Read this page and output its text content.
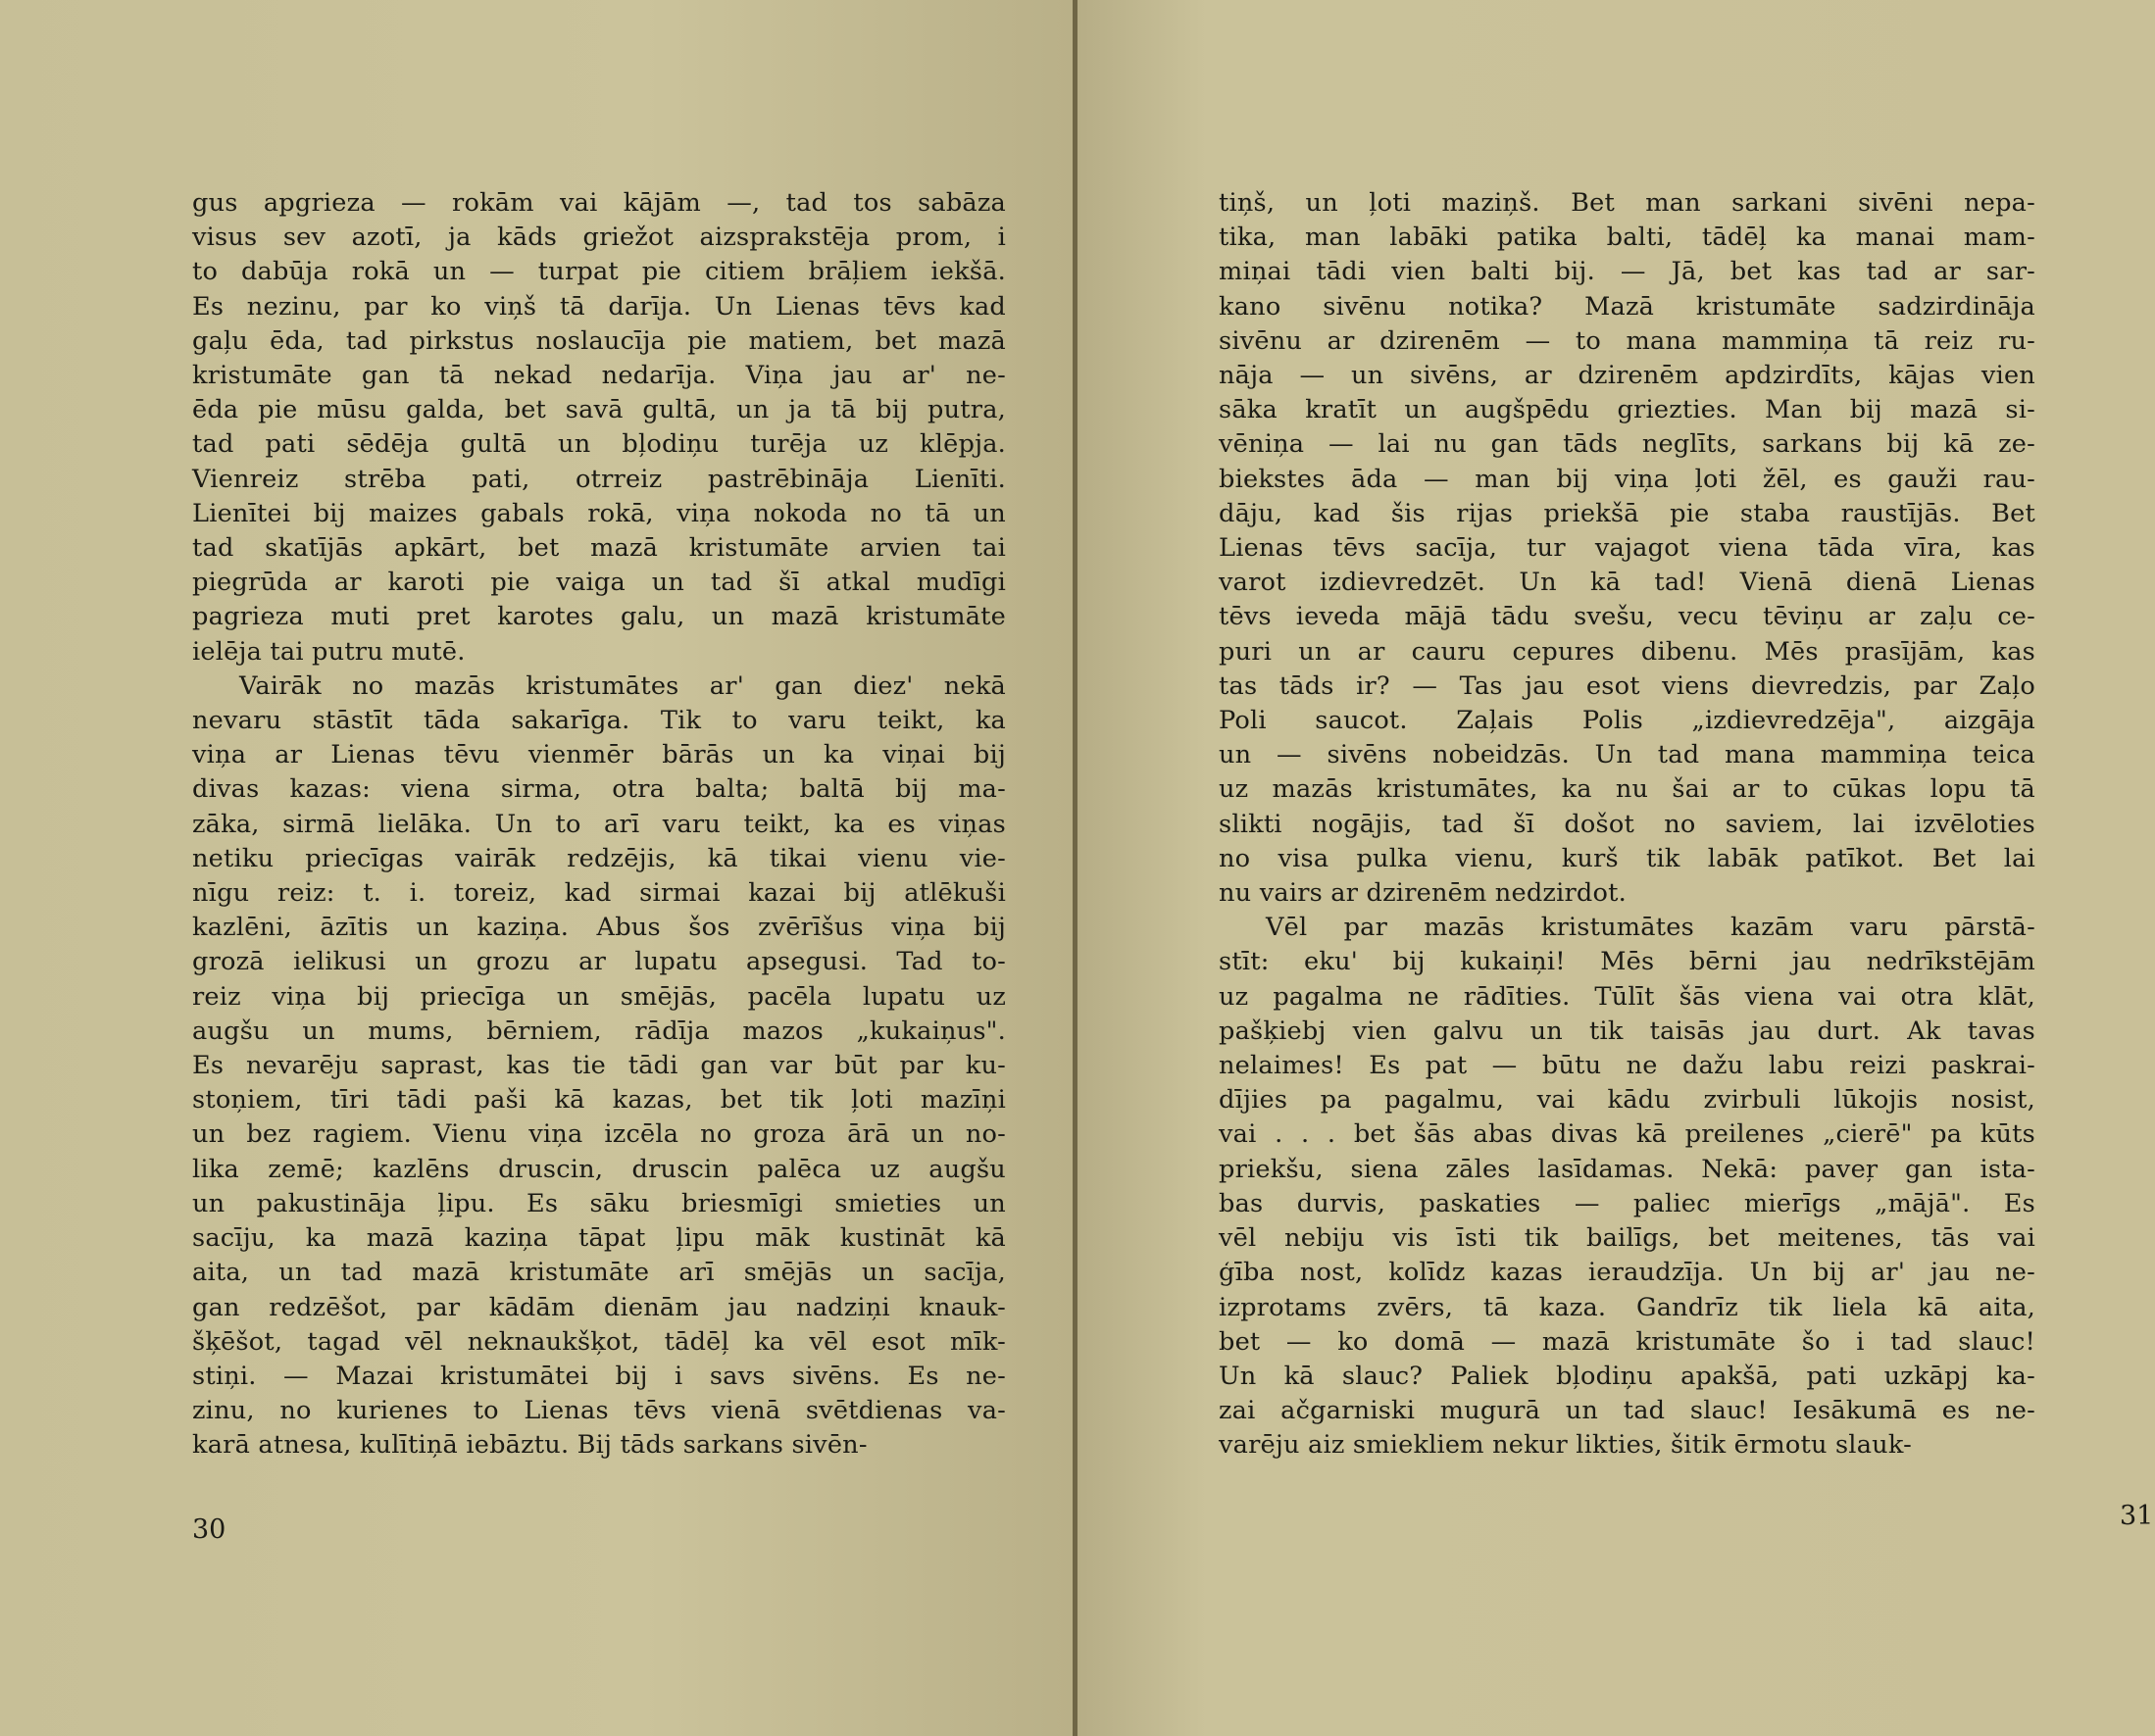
gus apgrieza — rokām vai kājām —, tad tos sabāza
visus sev azotī, ja kāds griežot aizsprakstēja prom, i
to dabūja rokā un — turpat pie citiem brāļiem iekšā.
Es nezinu, par ko viņš tā darīja. Un Lienas tēvs kad
gaļu ēda, tad pirkstus noslaucīja pie matiem, bet mazā
kristumāte gan tā nekad nedarīja. Viņa jau ar' ne-
ēda pie mūsu galda, bet savā gultā, un ja tā bij putra,
tad pati sēdēja gultā un bļodiņu turēja uz klēpja.
Vienreiz strēba pati, otrreiz pastrēbināja Lienīti.
Lienītei bij maizes gabals rokā, viņa nokoda no tā un
tad skatījās apkārt, bet mazā kristumāte arvien tai
piegrūda ar karoti pie vaiga un tad šī atkal mudīgi
pagrieza muti pret karotes galu, un mazā kristumāte
ielēja tai putru mutē.
Vairāk no mazās kristumātes ar' gan diez' nekā
nevaru stāstīt tāda sakarīga. Tik to varu teikt, ka
viņa ar Lienas tēvu vienmēr bārās un ka viņai bij
divas kazas: viena sirma, otra balta; baltā bij ma-
zāka, sirmā lielāka. Un to arī varu teikt, ka es viņas
netiku priecīgas vairāk redzējis, kā tikai vienu vie-
nīgu reiz: t. i. toreiz, kad sirmai kazai bij atlēkuši
kazlēni, āzītis un kaziņa. Abus šos zvērīšus viņa bij
grozā ielikusi un grozu ar lupatu apsegusi. Tad to-
reiz viņa bij priecīga un smējās, pacēla lupatu uz
augšu un mums, bērniem, rādīja mazos „kukaiņus".
Es nevarēju saprast, kas tie tādi gan var būt par ku-
stoņiem, tīri tādi paši kā kazas, bet tik ļoti mazīņi
un bez ragiem. Vienu viņa izcēla no groza ārā un no-
lika zemē; kazlēns druscin, druscin palēca uz augšu
un pakustināja ļipu. Es sāku briesmīgi smieties un
sacīju, ka mazā kaziņa tāpat ļipu māk kustināt kā
aita, un tad mazā kristumāte arī smējās un sacīja,
gan redzēšot, par kādām dienām jau nadziņi knauk-
šķēšot, tagad vēl neknaukšķot, tādēļ ka vēl esot mīk-
stiņi. — Mazai kristumātei bij i savs sivēns. Es ne-
zinu, no kurienes to Lienas tēvs vienā svētdienas va-
karā atnesa, kulītiņā iebāztu. Bij tāds sarkans sivēn-
30
tiņš, un ļoti maziņš. Bet man sarkani sivēni nepa-
tika, man labāki patika balti, tādēļ ka manai mam-
miņai tādi vien balti bij. — Jā, bet kas tad ar sar-
kano sivēnu notika? Mazā kristumāte sadzirdināja
sivēnu ar dzirenēm — to mana mammiņa tā reiz ru-
nāja — un sivēns, ar dzirenēm apdzirdīts, kājas vien
sāka kratīt un augšpēdu griezties. Man bij mazā si-
vēniņa — lai nu gan tāds neglīts, sarkans bij kā ze-
biekstes āda — man bij viņa ļoti žēl, es gauži rau-
dāju, kad šis rijas priekšā pie staba raustījās. Bet
Lienas tēvs sacīja, tur vajagot viena tāda vīra, kas
varot izdievredzēt. Un kā tad! Vienā dienā Lienas
tēvs ieveda mājā tādu svešu, vecu tēviņu ar zaļu ce-
puri un ar cauru cepures dibenu. Mēs prasījām, kas
tas tāds ir? — Tas jau esot viens dievredzis, par Zaļo
Poli saucot. Zaļais Polis „izdievredzēja", aizgāja
un — sivēns nobeidzās. Un tad mana mammiņa teica
uz mazās kristumātes, ka nu šai ar to cūkas lopu tā
slikti nogājis, tad šī došot no saviem, lai izvēloties
no visa pulka vienu, kurš tik labāk patīkot. Bet lai
nu vairs ar dzirenēm nedzirdot.
Vēl par mazās kristumātes kazām varu pārstā-
stīt: eku' bij kukaiņi! Mēs bērni jau nedrīkstējām
uz pagalma ne rādīties. Tūlīt šās viena vai otra klāt,
pašķiebj vien galvu un tik taisās jau durt. Ak tavas
nelaimes! Es pat — būtu ne dažu labu reizi paskrai-
dījies pa pagalmu, vai kādu zvirbuli lūkojis nosist,
vai . . . bet šās abas divas kā preilenes „cierē" pa kūts
priekšu, siena zāles lasīdamas. Nekā: paveŗ gan ista-
bas durvis, paskaties — paliec mierīgs „mājā". Es
vēl nebiju vis īsti tik bailīgs, bet meitenes, tās vai
ģība nost, kolīdz kazas ieraudzīja. Un bij ar' jau ne-
izprotams zvērs, tā kaza. Gandrīz tik liela kā aita,
bet — ko domā — mazā kristumāte šo i tad slauc!
Un kā slauc? Paliek bļodiņu apakšā, pati uzkāpj ka-
zai ačgarniski mugurā un tad slauc! Iesākumā es ne-
varēju aiz smiekliem nekur likties, šitik ērmotu slauk-
31
